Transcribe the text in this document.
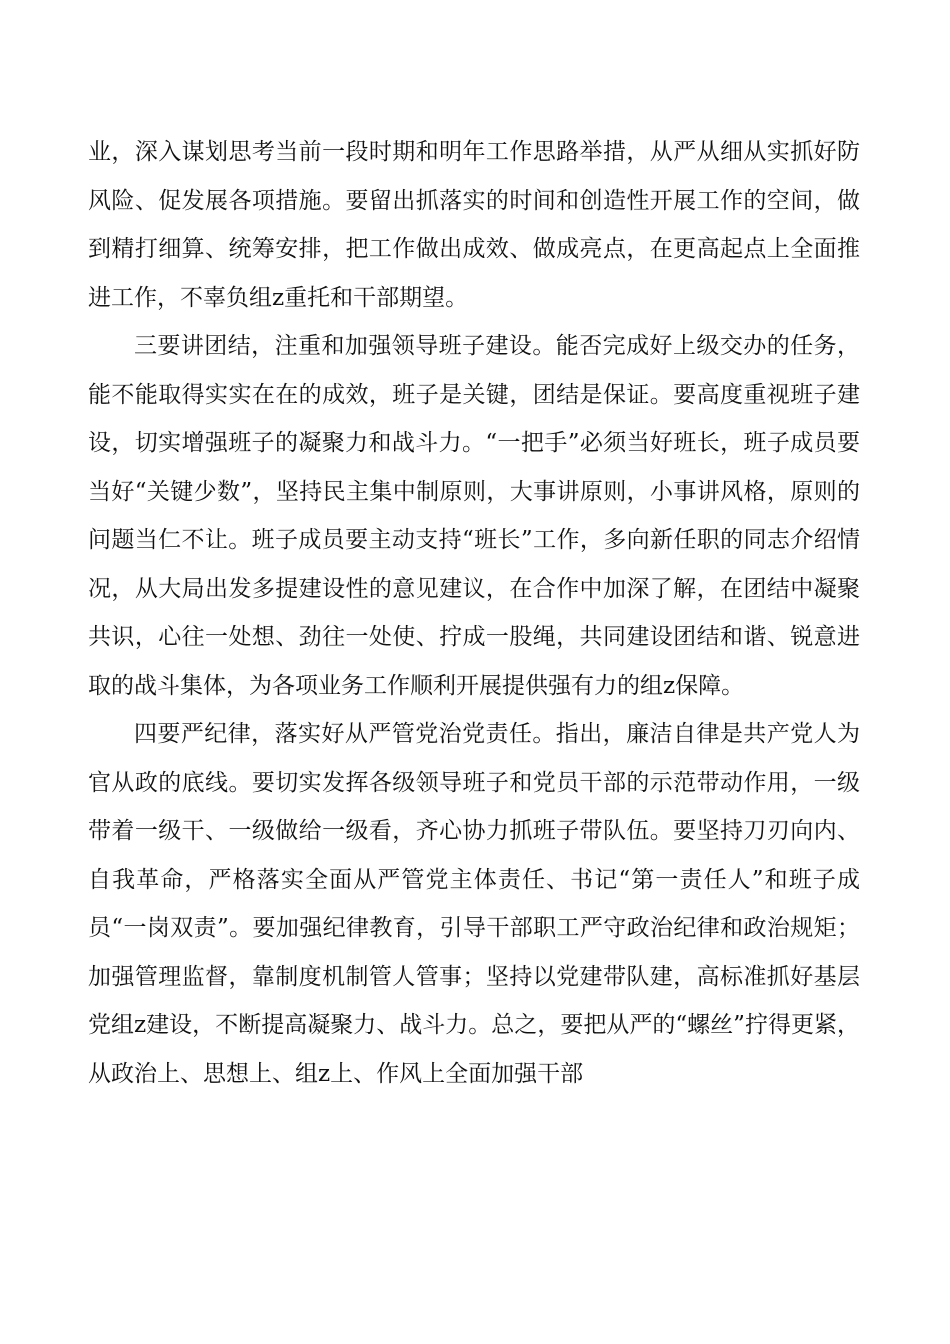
业，深入谋划思考当前一段时期和明年工作思路举措，从严从细从实抓好防风险、促发展各项措施。要留出抓落实的时间和创造性开展工作的空间，做到精打细算、统筹安排，把工作做出成效、做成亮点，在更高起点上全面推进工作，不辜负组z重托和干部期望。

三要讲团结，注重和加强领导班子建设。能否完成好上级交办的任务，能不能取得实实在在的成效，班子是关键，团结是保证。要高度重视班子建设，切实增强班子的凝聚力和战斗力。“一把手”必须当好班长，班子成员要当好“关键少数”，坚持民主集中制原则，大事讲原则，小事讲风格，原则的问题当仁不让。班子成员要主动支持“班长”工作，多向新任职的同志介绍情况，从大局出发多提建设性的意见建议，在合作中加深了解，在团结中凝聚共识，心往一处想、劲往一处使、拧成一股绳，共同建设团结和谐、锐意进取的战斗集体，为各项业务工作顺利开展提供强有力的组z保障。

四要严纪律，落实好从严管党治党责任。指出，廉洁自律是共产党人为官从政的底线。要切实发挥各级领导班子和党员干部的示范带动作用，一级带着一级干、一级做给一级看，齐心协力抓班子带队伍。要坚持刀刃向内、自我革命，严格落实全面从严管党主体责任、书记“第一责任人”和班子成员“一岗双责”。要加强纪律教育，引导干部职工严守政治纪律和政治规矩；加强管理监督，靠制度机制管人管事；坚持以党建带队建，高标准抓好基层党组z建设，不断提高凝聚力、战斗力。总之，要把从严的“螺丝”拧得更紧，从政治上、思想上、组z上、作风上全面加强干部
